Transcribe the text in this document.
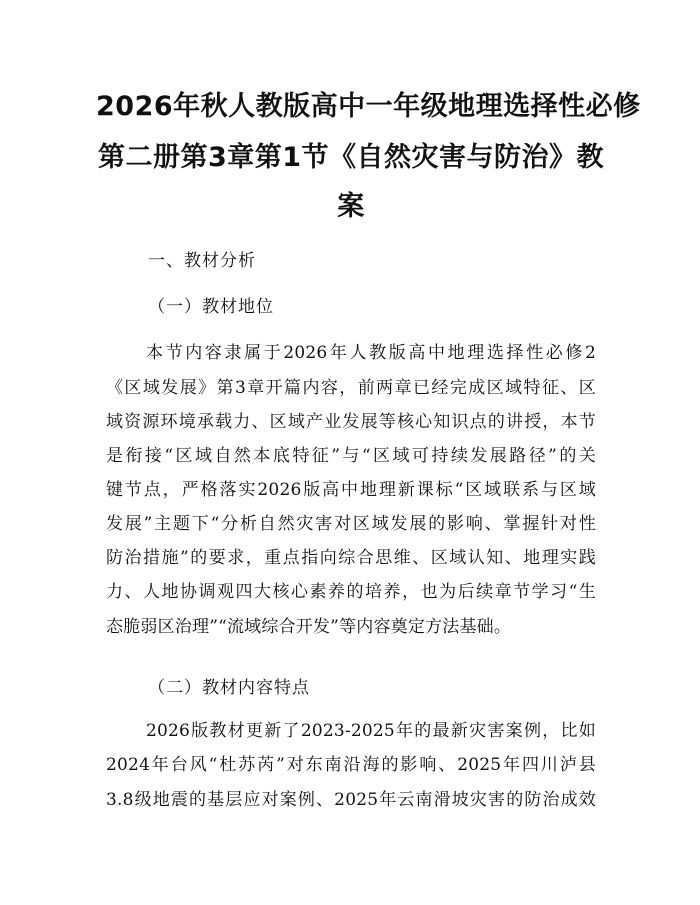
2026年秋人教版高中一年级地理选择性必修
第二册第3章第1节《自然灾害与防治》教
案
一、教材分析
（一）教材地位
本节内容隶属于2026年人教版高中地理选择性必修2
《区域发展》第3章开篇内容，前两章已经完成区域特征、区
域资源环境承载力、区域产业发展等核心知识点的讲授，本节
是衔接“区域自然本底特征”与“区域可持续发展路径”的关
键节点，严格落实2026版高中地理新课标“区域联系与区域
发展”主题下“分析自然灾害对区域发展的影响、掌握针对性
防治措施”的要求，重点指向综合思维、区域认知、地理实践
力、人地协调观四大核心素养的培养，也为后续章节学习“生
态脆弱区治理”“流域综合开发”等内容奠定方法基础。
（二）教材内容特点
2026版教材更新了2023-2025年的最新灾害案例，比如
2024年台风“杜苏芮”对东南沿海的影响、2025年四川泸县
3.8级地震的基层应对案例、2025年云南滑坡灾害的防治成效
